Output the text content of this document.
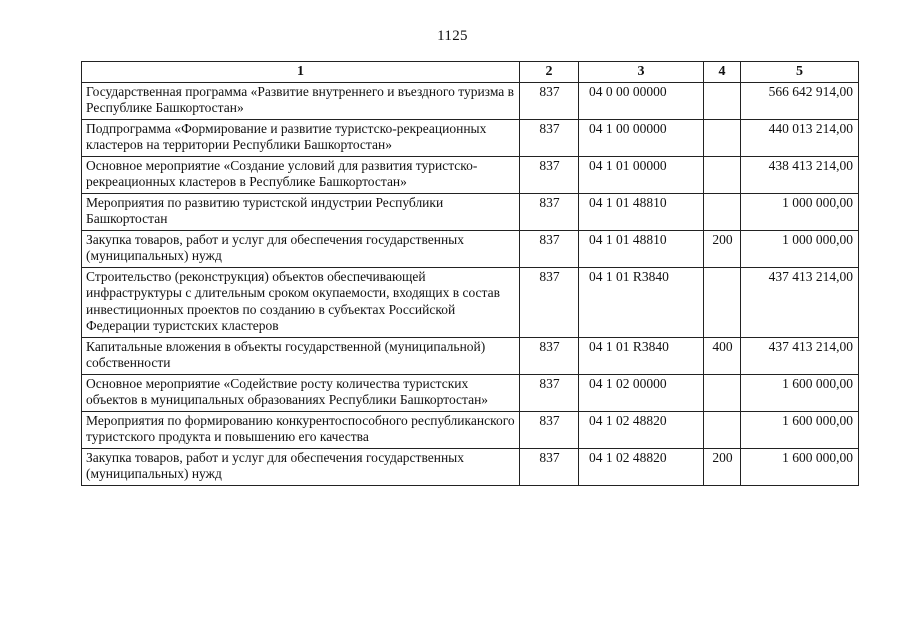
1125
1	2	3	4	5
Государственная программа «Развитие внутреннего и въездного туризма в Республике Башкортостан»	837	04 0 00 00000		566 642 914,00
Подпрограмма «Формирование и развитие туристско-рекреационных кластеров на территории Республики Башкортостан»	837	04 1 00 00000		440 013 214,00
Основное мероприятие «Создание условий для развития туристско-рекреационных кластеров в Республике Башкортостан»	837	04 1 01 00000		438 413 214,00
Мероприятия по развитию туристской индустрии Республики Башкортостан	837	04 1 01 48810		1 000 000,00
Закупка товаров, работ и услуг для обеспечения государственных (муниципальных) нужд	837	04 1 01 48810	200	1 000 000,00
Строительство (реконструкция) объектов обеспечивающей инфраструктуры с длительным сроком окупаемости, входящих в состав инвестиционных проектов по созданию в субъектах Российской Федерации туристских кластеров	837	04 1 01 R3840		437 413 214,00
Капитальные вложения в объекты государственной (муниципальной) собственности	837	04 1 01 R3840	400	437 413 214,00
Основное мероприятие «Содействие росту количества туристских объектов в муниципальных образованиях Республики Башкортостан»	837	04 1 02 00000		1 600 000,00
Мероприятия по формированию конкурентоспособного республиканского туристского продукта и повышению его качества	837	04 1 02 48820		1 600 000,00
Закупка товаров, работ и услуг для обеспечения государственных (муниципальных) нужд	837	04 1 02 48820	200	1 600 000,00
